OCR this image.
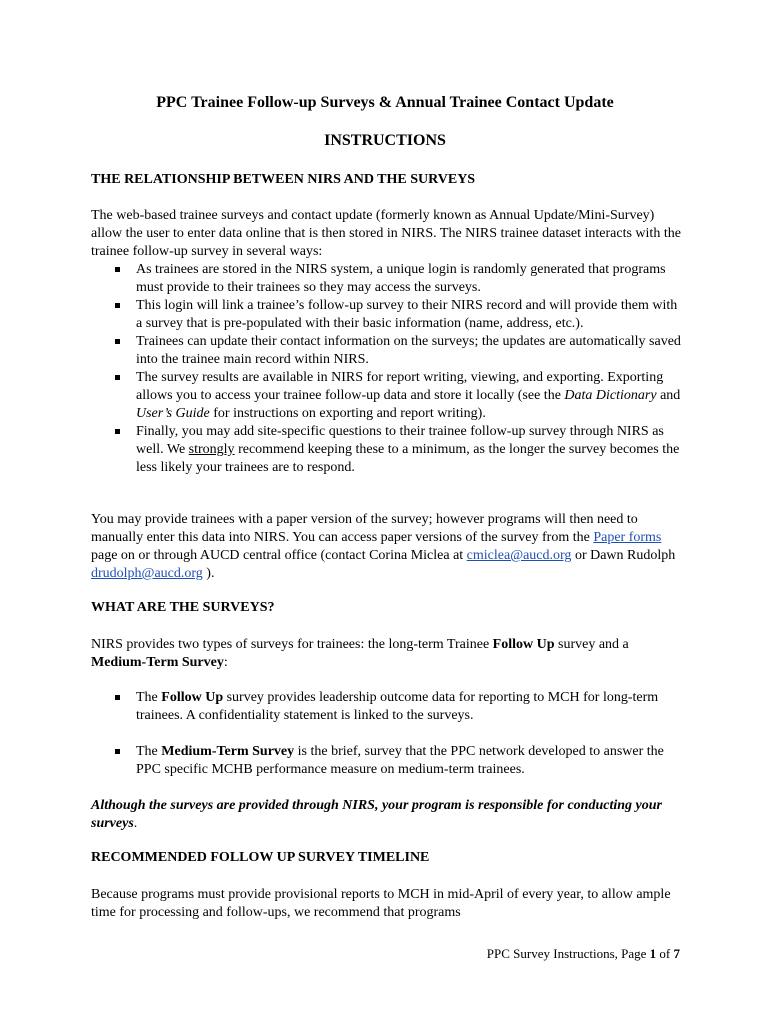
PPC Trainee Follow-up Surveys & Annual Trainee Contact Update
INSTRUCTIONS
THE RELATIONSHIP BETWEEN NIRS AND THE SURVEYS

The web-based trainee surveys and contact update (formerly known as Annual Update/Mini-Survey) allow the user to enter data online that is then stored in NIRS. The NIRS trainee dataset interacts with the trainee follow-up survey in several ways:

As trainees are stored in the NIRS system, a unique login is randomly generated that programs must provide to their trainees so they may access the surveys.
This login will link a trainee’s follow-up survey to their NIRS record and will provide them with a survey that is pre-populated with their basic information (name, address, etc.).
Trainees can update their contact information on the surveys; the updates are automatically saved into the trainee main record within NIRS.
The survey results are available in NIRS for report writing, viewing, and exporting. Exporting allows you to access your trainee follow-up data and store it locally (see the Data Dictionary and User’s Guide for instructions on exporting and report writing).
Finally, you may add site-specific questions to their trainee follow-up survey through NIRS as well. We strongly recommend keeping these to a minimum, as the longer the survey becomes the less likely your trainees are to respond.

You may provide trainees with a paper version of the survey; however programs will then need to manually enter this data into NIRS. You can access paper versions of the survey from the Paper forms page on or through AUCD central office (contact Corina Miclea at cmiclea@aucd.org or Dawn Rudolph drudolph@aucd.org ).

WHAT ARE THE SURVEYS?

NIRS provides two types of surveys for trainees: the long-term Trainee Follow Up survey and a Medium-Term Survey:

The Follow Up survey provides leadership outcome data for reporting to MCH for long-term trainees. A confidentiality statement is linked to the surveys.
The Medium-Term Survey is the brief, survey that the PPC network developed to answer the PPC specific MCHB performance measure on medium-term trainees.

Although the surveys are provided through NIRS, your program is responsible for conducting your surveys.

RECOMMENDED FOLLOW UP SURVEY TIMELINE

Because programs must provide provisional reports to MCH in mid-April of every year, to allow ample time for processing and follow-ups, we recommend that programs

PPC Survey Instructions, Page 1 of 7
